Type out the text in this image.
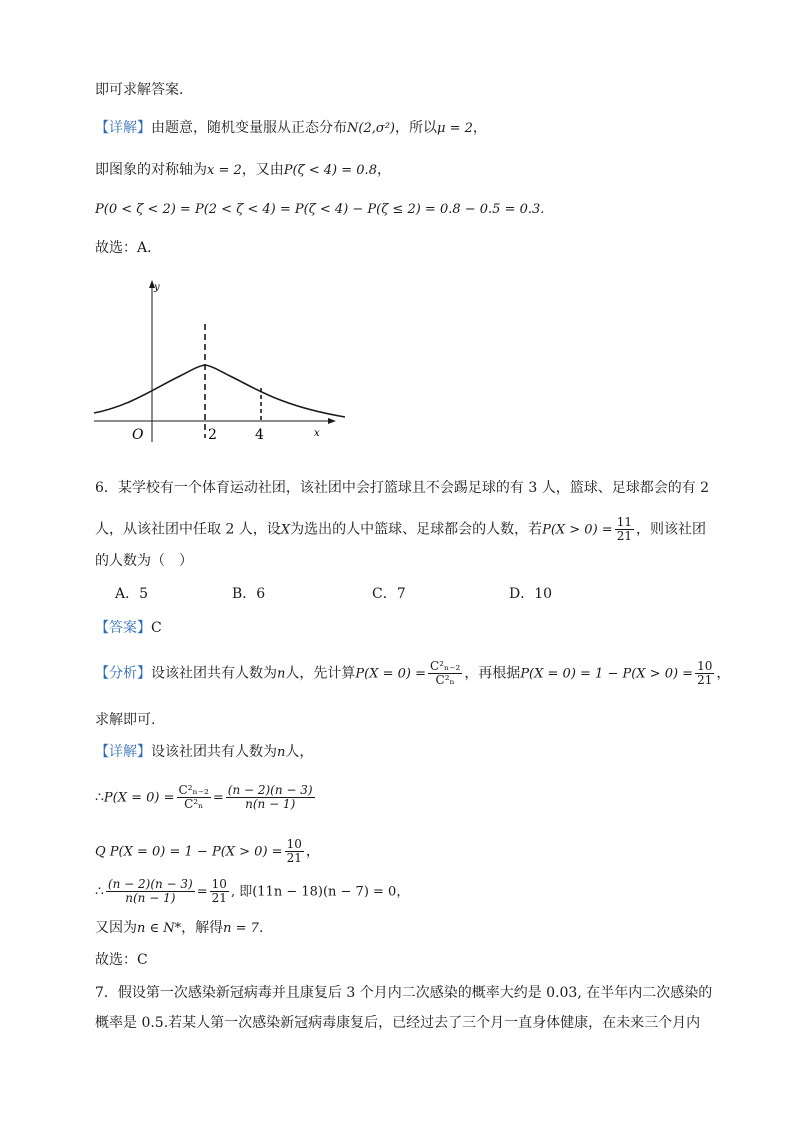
即可求解答案．
【详解】由题意，随机变量服从正态分布N(2,σ²)，所以μ = 2，
即图象的对称轴为x = 2，又由P(ζ < 4) = 0.8，
P(0 < ζ < 2) = P(2 < ζ < 4) = P(ζ < 4) − P(ζ ≤ 2) = 0.8 − 0.5 = 0.3.
故选：A．
y
x
O	2	4
6．某学校有一个体育运动社团，该社团中会打篮球且不会踢足球的有 3 人，篮球、足球都会的有 2
人，从该社团中任取 2 人，设X为选出的人中篮球、足球都会的人数，若$P(X > 0) = \frac{11}{21}$ ，则该社团
的人数为（　）
A．5	B．6	C．7	D．10
【答案】C
【分析】设该社团共有人数为n人，先计算$P(X = 0) = \frac{\text{C²ₙ₋₂}}{\text{C²ₙ}}$ ，再根据$P(X = 0) = 1 - P(X > 0) = \frac{10}{21}$ ，
求解即可.
【详解】设该社团共有人数为n人，
∴P(X = $0) = \frac{\text{C²ₙ₋₂}}{\text{C²ₙ}} = \frac{(n - 2)(n - 3)}{n(n - 1)}$
Q $P(X = 0) = 1 - P(X > 0) = \frac{10}{21}$ ，
∴ $\frac{(n - 2)(n - 3)}{n(n - 1)} = \frac{10}{21}$ , 即(11n − 18)(n − 7) = 0，
又因为n ∈ N*，解得n = 7.
故选：C
7．假设第一次感染新冠病毒并且康复后 3 个月内二次感染的概率大约是 0.03, 在半年内二次感染的
概率是 0.5.若某人第一次感染新冠病毒康复后，已经过去了三个月一直身体健康，在未来三个月内
